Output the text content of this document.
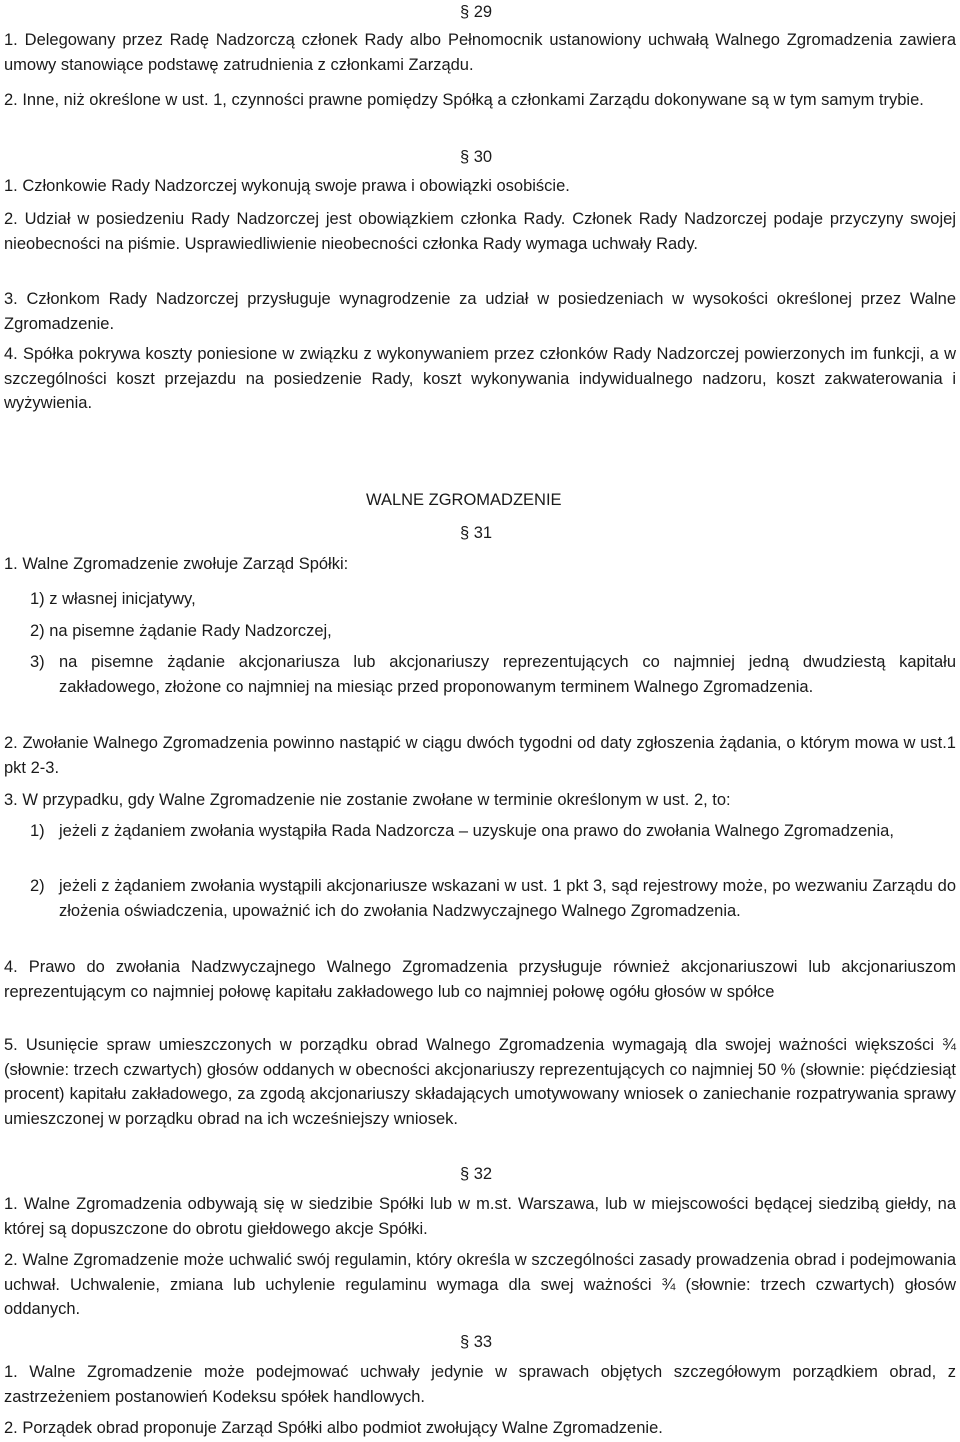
§ 29
1. Delegowany przez Radę Nadzorczą członek Rady albo Pełnomocnik ustanowiony uchwałą Walnego Zgromadzenia zawiera umowy stanowiące podstawę zatrudnienia z członkami Zarządu.
2. Inne, niż określone w ust. 1, czynności prawne pomiędzy Spółką a członkami Zarządu dokonywane są w tym samym trybie.
§ 30
1. Członkowie Rady Nadzorczej wykonują swoje prawa i obowiązki osobiście.
2. Udział w posiedzeniu Rady Nadzorczej jest obowiązkiem członka Rady. Członek Rady Nadzorczej podaje przyczyny swojej nieobecności na piśmie. Usprawiedliwienie nieobecności członka Rady wymaga uchwały Rady.
3. Członkom Rady Nadzorczej przysługuje wynagrodzenie za udział w posiedzeniach w wysokości określonej przez Walne Zgromadzenie.
4. Spółka pokrywa koszty poniesione w związku z wykonywaniem przez członków Rady Nadzorczej powierzonych im funkcji, a w szczególności koszt przejazdu na posiedzenie Rady, koszt wykonywania indywidualnego nadzoru, koszt zakwaterowania i wyżywienia.
WALNE ZGROMADZENIE
§ 31
1. Walne Zgromadzenie zwołuje Zarząd Spółki:
1) z własnej inicjatywy,
2) na pisemne żądanie Rady Nadzorczej,
3) na pisemne żądanie akcjonariusza lub akcjonariuszy reprezentujących co najmniej jedną dwudziestą kapitału zakładowego, złożone co najmniej na miesiąc przed proponowanym terminem Walnego Zgromadzenia.
2. Zwołanie Walnego Zgromadzenia powinno nastąpić w ciągu dwóch tygodni od daty zgłoszenia żądania, o którym mowa w ust.1 pkt 2-3.
3. W przypadku, gdy Walne Zgromadzenie nie zostanie zwołane w terminie określonym w ust. 2, to:
1) jeżeli z żądaniem zwołania wystąpiła Rada Nadzorcza – uzyskuje ona prawo do zwołania Walnego Zgromadzenia,
2) jeżeli z żądaniem zwołania wystąpili akcjonariusze wskazani w ust. 1 pkt 3, sąd rejestrowy może, po wezwaniu Zarządu do złożenia oświadczenia, upoważnić ich do zwołania Nadzwyczajnego Walnego Zgromadzenia.
4. Prawo do zwołania Nadzwyczajnego Walnego Zgromadzenia przysługuje również akcjonariuszowi lub akcjonariuszom reprezentującym co najmniej połowę kapitału zakładowego lub co najmniej połowę ogółu głosów w spółce
5. Usunięcie spraw umieszczonych w porządku obrad Walnego Zgromadzenia wymagają dla swojej ważności większości ¾ (słownie: trzech czwartych) głosów oddanych w obecności akcjonariuszy reprezentujących co najmniej 50 % (słownie: pięćdziesiąt procent) kapitału zakładowego, za zgodą akcjonariuszy składających umotywowany wniosek o zaniechanie rozpatrywania sprawy umieszczonej w porządku obrad na ich wcześniejszy wniosek.
§ 32
1. Walne Zgromadzenia odbywają się w siedzibie Spółki lub w m.st. Warszawa, lub w miejscowości będącej siedzibą giełdy, na której są dopuszczone do obrotu giełdowego akcje Spółki.
2. Walne Zgromadzenie może uchwalić swój regulamin, który określa w szczególności zasady prowadzenia obrad i podejmowania uchwał. Uchwalenie, zmiana lub uchylenie regulaminu wymaga dla swej ważności ¾ (słownie: trzech czwartych) głosów oddanych.
§ 33
1. Walne Zgromadzenie może podejmować uchwały jedynie w sprawach objętych szczegółowym porządkiem obrad, z zastrzeżeniem postanowień Kodeksu spółek handlowych.
2. Porządek obrad proponuje Zarząd Spółki albo podmiot zwołujący Walne Zgromadzenie.
